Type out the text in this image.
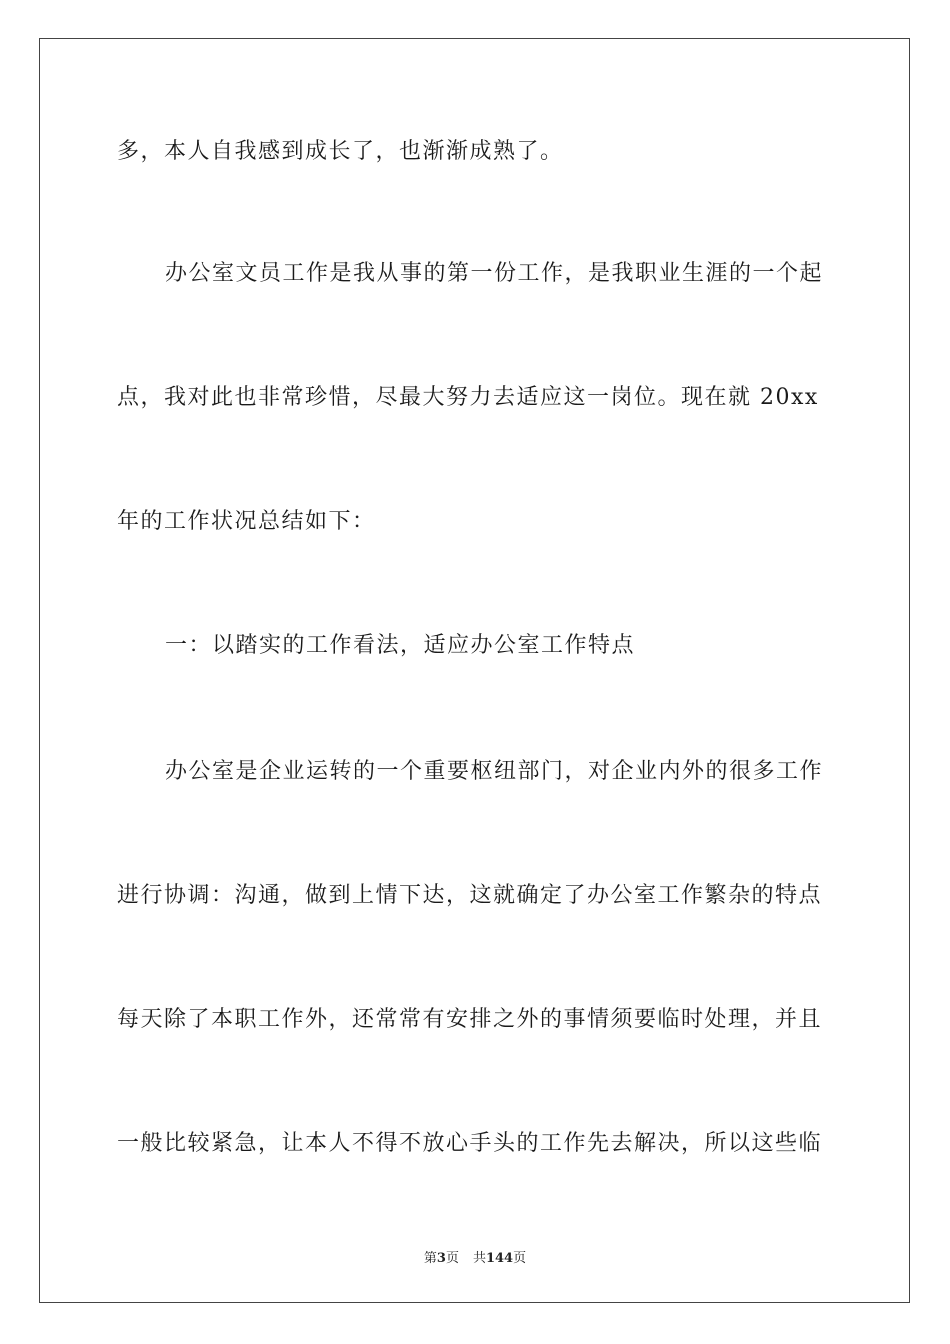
多，本人自我感到成长了，也渐渐成熟了。
办公室文员工作是我从事的第一份工作，是我职业生涯的一个起
点，我对此也非常珍惜，尽最大努力去适应这一岗位。现在就 20xx
年的工作状况总结如下：
一：以踏实的工作看法，适应办公室工作特点
办公室是企业运转的一个重要枢纽部门，对企业内外的很多工作
进行协调：沟通，做到上情下达，这就确定了办公室工作繁杂的特点
每天除了本职工作外，还常常有安排之外的事情须要临时处理，并且
一般比较紧急，让本人不得不放心手头的工作先去解决，所以这些临
第3页 共144页
